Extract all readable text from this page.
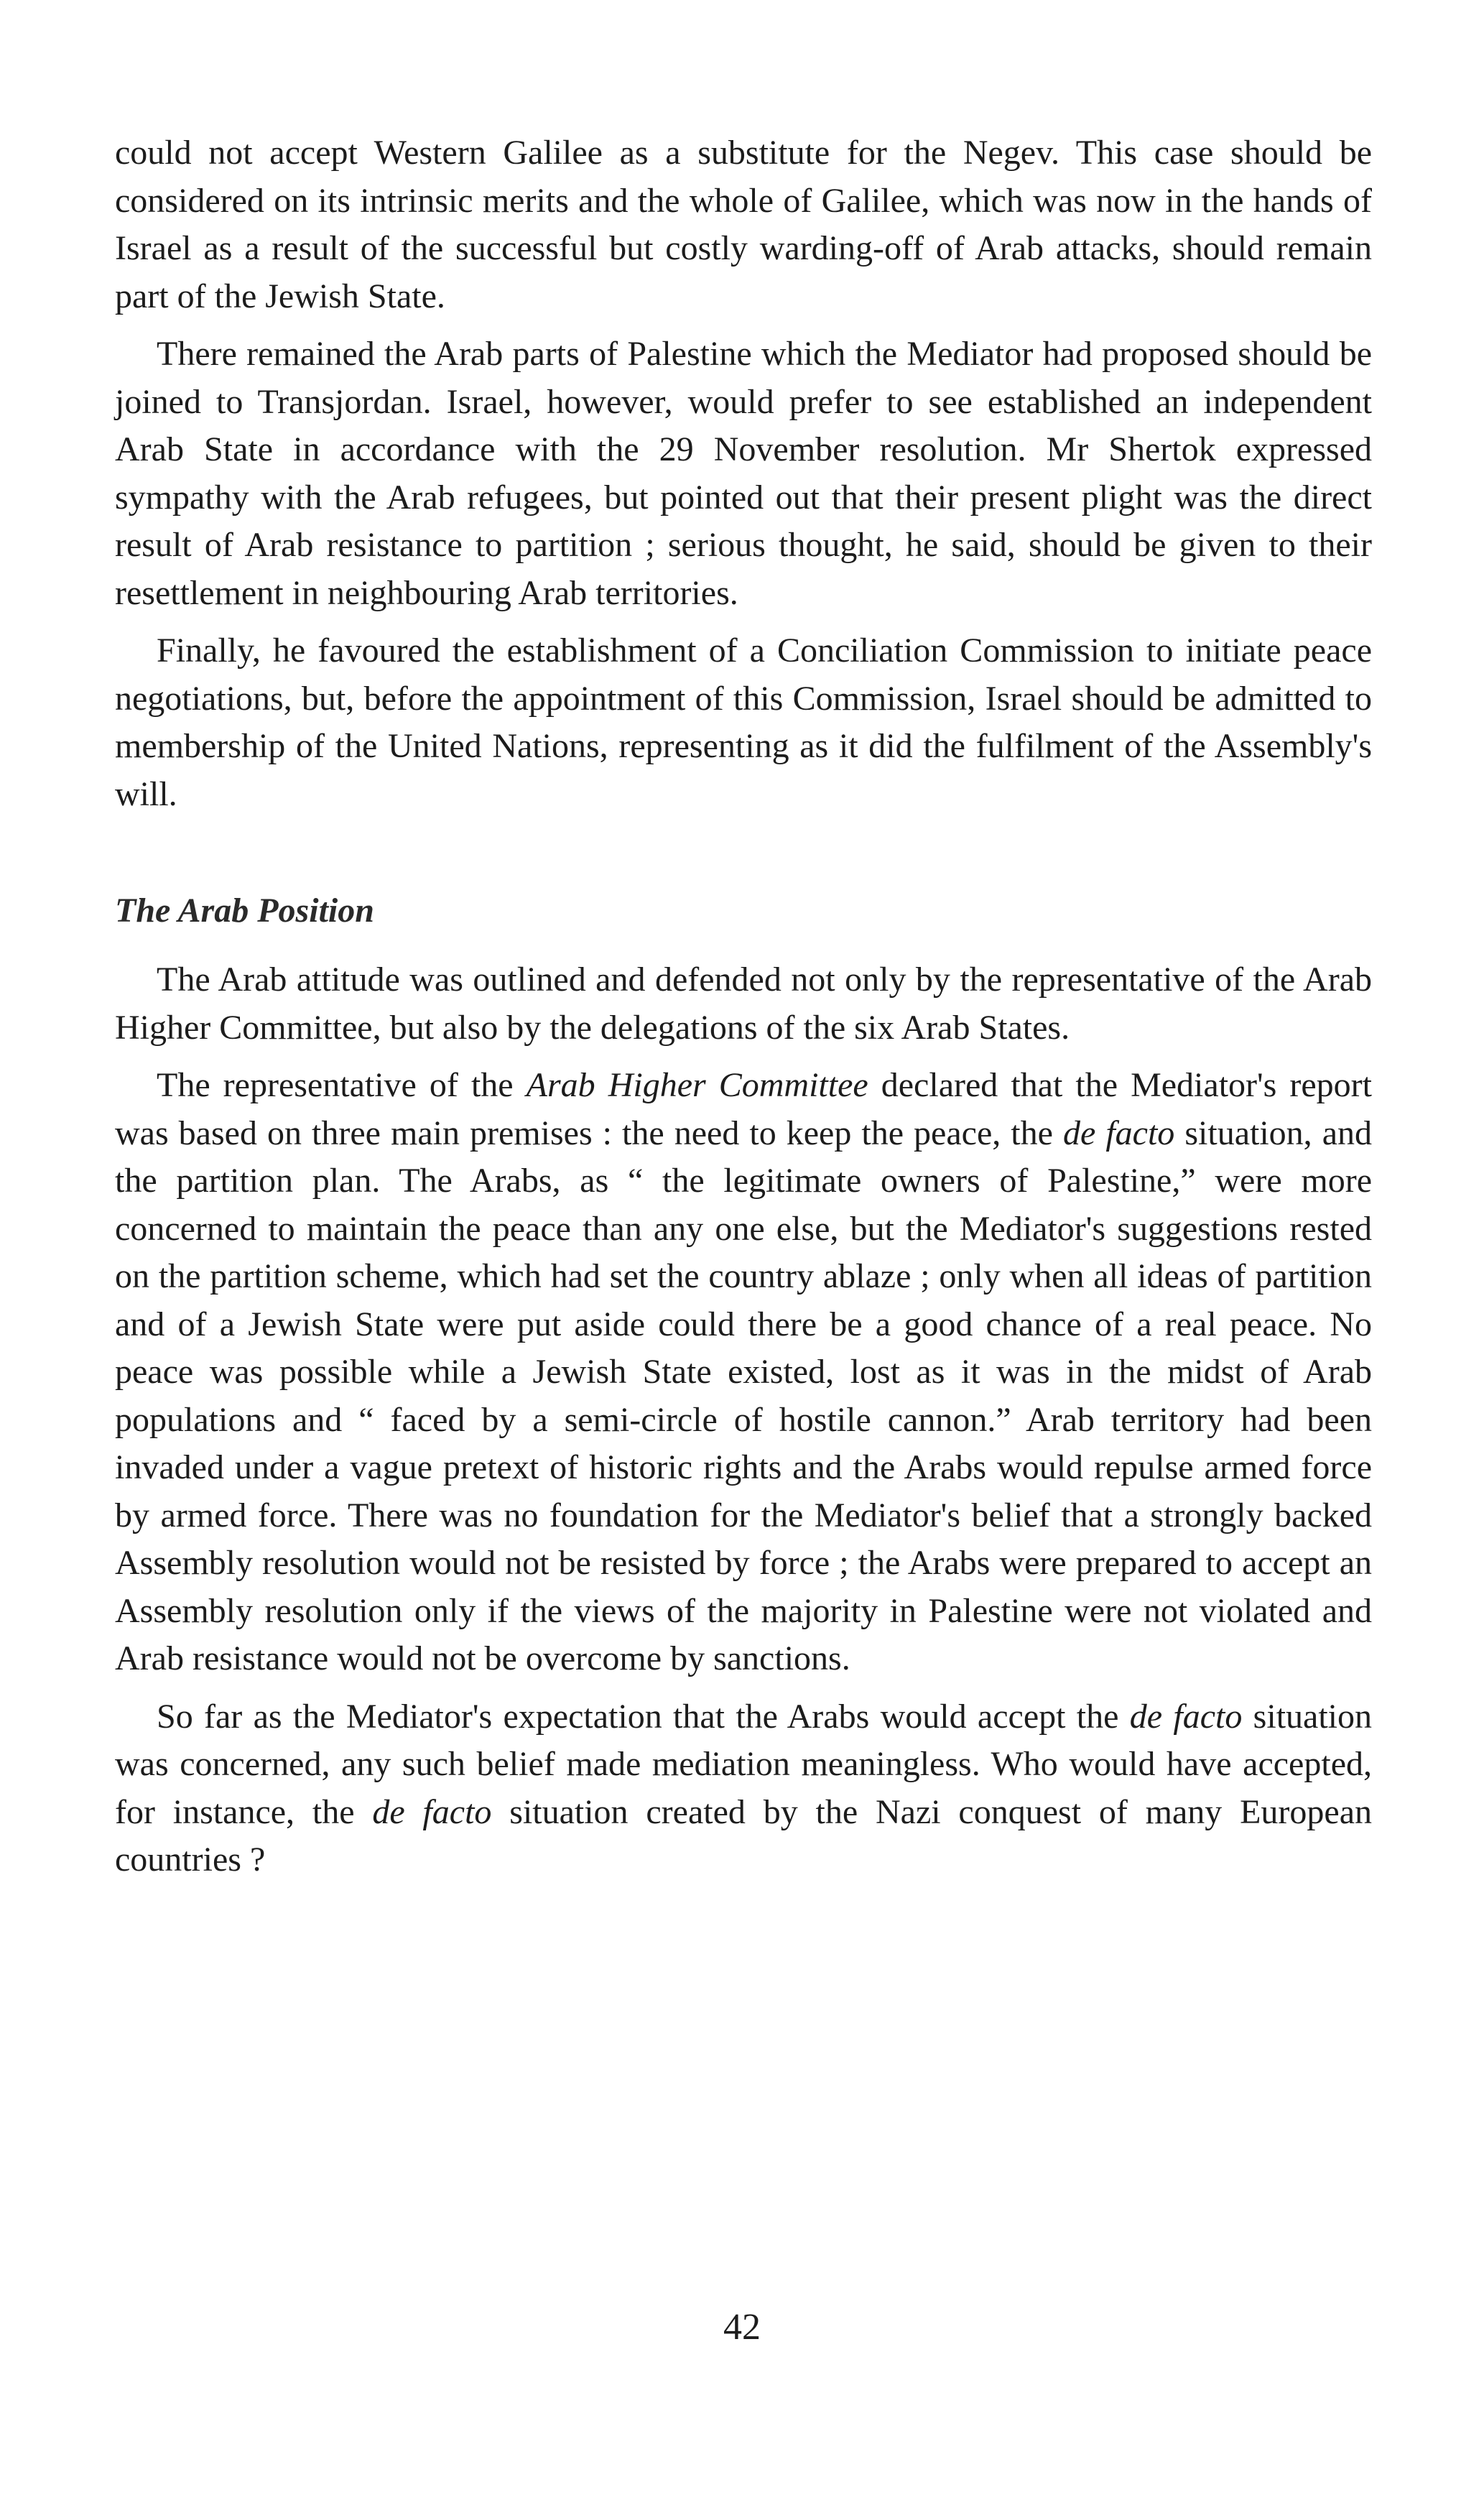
could not accept Western Galilee as a substitute for the Negev. This case should be considered on its intrinsic merits and the whole of Galilee, which was now in the hands of Israel as a result of the successful but costly warding-off of Arab attacks, should remain part of the Jewish State.

There remained the Arab parts of Palestine which the Mediator had proposed should be joined to Transjordan. Israel, however, would prefer to see established an independent Arab State in accordance with the 29 November resolution. Mr Shertok expressed sympathy with the Arab refugees, but pointed out that their present plight was the direct result of Arab resistance to partition ; serious thought, he said, should be given to their resettlement in neighbouring Arab territories.

Finally, he favoured the establishment of a Conciliation Commission to initiate peace negotiations, but, before the appointment of this Commission, Israel should be admitted to membership of the United Nations, representing as it did the fulfilment of the Assembly's will.

The Arab Position

The Arab attitude was outlined and defended not only by the representative of the Arab Higher Committee, but also by the delegations of the six Arab States.

The representative of the Arab Higher Committee declared that the Mediator's report was based on three main premises : the need to keep the peace, the de facto situation, and the partition plan. The Arabs, as “ the legitimate owners of Palestine,” were more concerned to maintain the peace than any one else, but the Mediator's suggestions rested on the partition scheme, which had set the country ablaze ; only when all ideas of partition and of a Jewish State were put aside could there be a good chance of a real peace. No peace was possible while a Jewish State existed, lost as it was in the midst of Arab populations and “ faced by a semi-circle of hostile cannon.” Arab territory had been invaded under a vague pretext of historic rights and the Arabs would repulse armed force by armed force. There was no foundation for the Mediator's belief that a strongly backed Assembly resolution would not be resisted by force ; the Arabs were prepared to accept an Assembly resolution only if the views of the majority in Palestine were not violated and Arab resistance would not be overcome by sanctions.

So far as the Mediator's expectation that the Arabs would accept the de facto situation was concerned, any such belief made mediation meaningless. Who would have accepted, for instance, the de facto situation created by the Nazi conquest of many European countries ?

42
